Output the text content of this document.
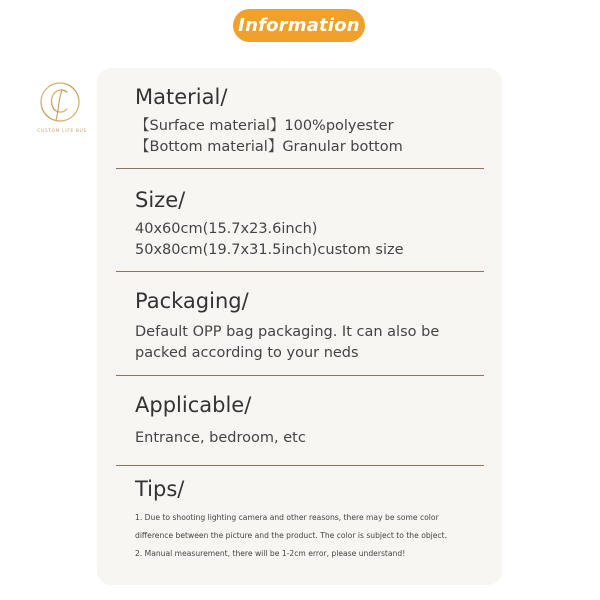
Information
CUSTOM LIFE BUE
Material/
【Surface material】100%polyester
【Bottom material】Granular bottom
Size/
40x60cm(15.7x23.6inch)
50x80cm(19.7x31.5inch)custom size
Packaging/
Default OPP bag packaging. It can also be
packed according to your neds
Applicable/
Entrance, bedroom, etc
Tips/
1. Due to shooting lighting camera and other reasons, there may be some color
difference between the picture and the product. The color is subject to the object.
2. Manual measurement, there will be 1-2cm error, please understand!
